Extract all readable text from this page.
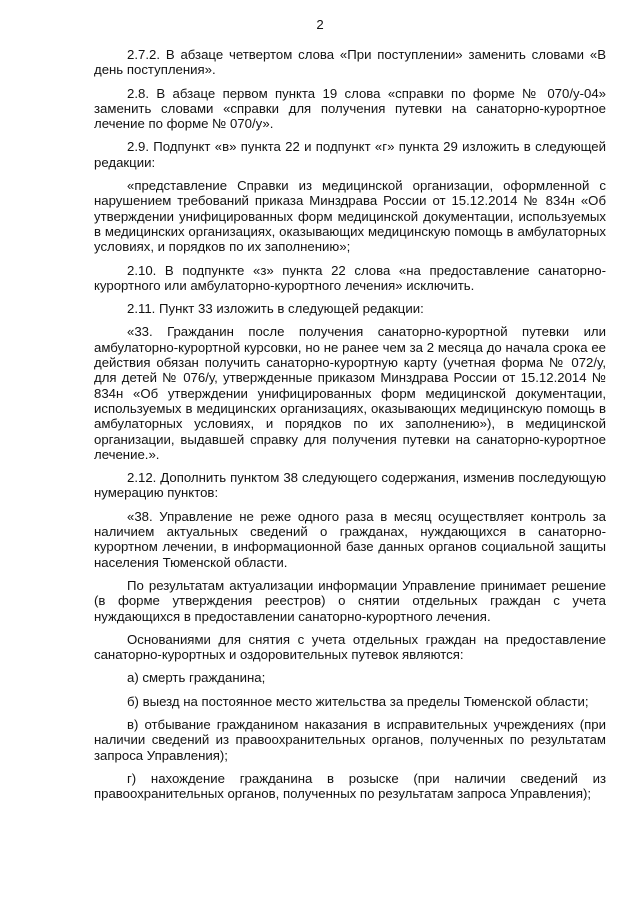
2

2.7.2. В абзаце четвертом слова «При поступлении» заменить словами «В день поступления».

2.8. В абзаце первом пункта 19 слова «справки по форме № 070/у-04» заменить словами «справки для получения путевки на санаторно-курортное лечение по форме № 070/у».

2.9. Подпункт «в» пункта 22 и подпункт «г» пункта 29 изложить в следующей редакции:

«представление Справки из медицинской организации, оформленной с нарушением требований приказа Минздрава России от 15.12.2014 № 834н «Об утверждении унифицированных форм медицинской документации, используемых в медицинских организациях, оказывающих медицинскую помощь в амбулаторных условиях, и порядков по их заполнению»;

2.10. В подпункте «з» пункта 22 слова «на предоставление санаторно-курортного или амбулаторно-курортного лечения» исключить.

2.11. Пункт 33 изложить в следующей редакции:

«33. Гражданин после получения санаторно-курортной путевки или амбулаторно-курортной курсовки, но не ранее чем за 2 месяца до начала срока ее действия обязан получить санаторно-курортную карту (учетная форма № 072/у, для детей № 076/у, утвержденные приказом Минздрава России от 15.12.2014 № 834н «Об утверждении унифицированных форм медицинской документации, используемых в медицинских организациях, оказывающих медицинскую помощь в амбулаторных условиях, и порядков по их заполнению»), в медицинской организации, выдавшей справку для получения путевки на санаторно-курортное лечение.».

2.12. Дополнить пунктом 38 следующего содержания, изменив последующую нумерацию пунктов:

«38. Управление не реже одного раза в месяц осуществляет контроль за наличием актуальных сведений о гражданах, нуждающихся в санаторно-курортном лечении, в информационной базе данных органов социальной защиты населения Тюменской области.

По результатам актуализации информации Управление принимает решение (в форме утверждения реестров) о снятии отдельных граждан с учета нуждающихся в предоставлении санаторно-курортного лечения.

Основаниями для снятия с учета отдельных граждан на предоставление санаторно-курортных и оздоровительных путевок являются:

а) смерть гражданина;

б) выезд на постоянное место жительства за пределы Тюменской области;

в) отбывание гражданином наказания в исправительных учреждениях (при наличии сведений из правоохранительных органов, полученных по результатам запроса Управления);

г) нахождение гражданина в розыске (при наличии сведений из правоохранительных органов, полученных по результатам запроса Управления);
